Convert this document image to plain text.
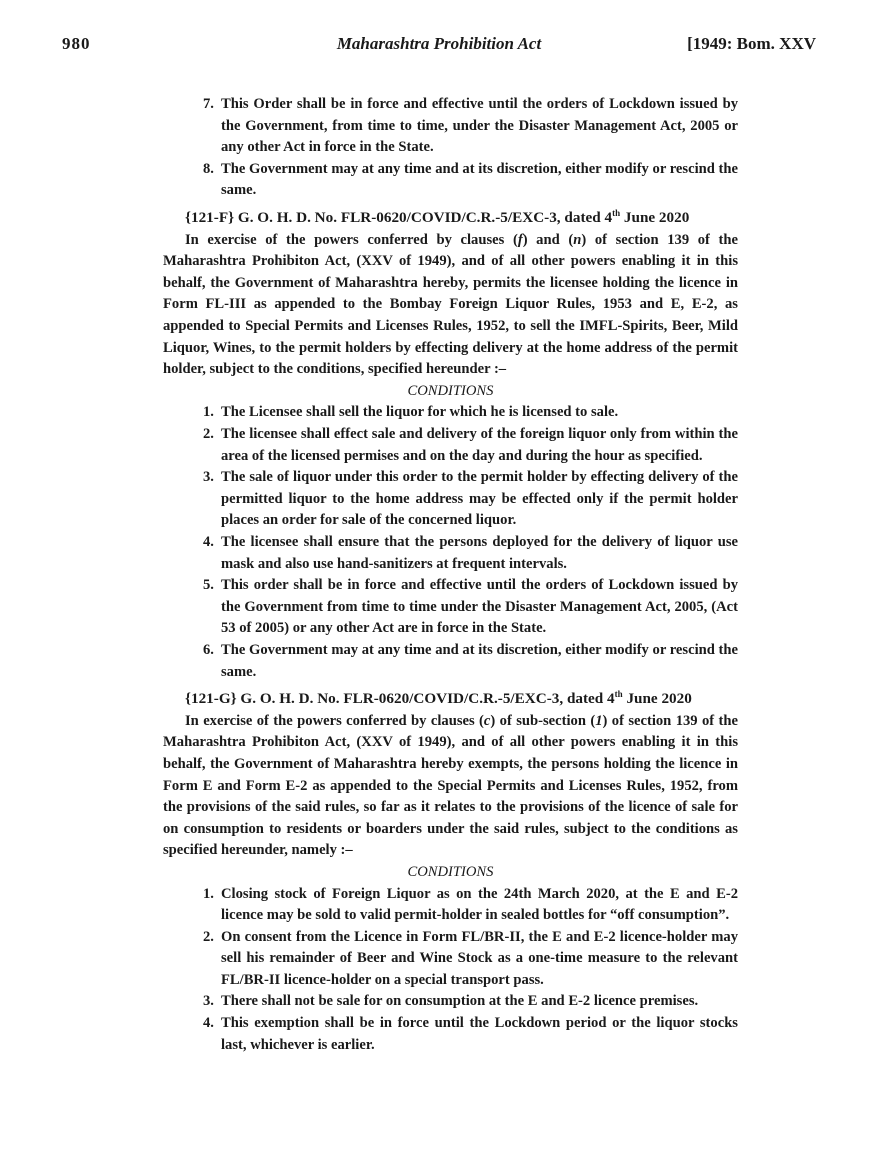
980	Maharashtra Prohibition Act	[1949: Bom. XXV
7. This Order shall be in force and effective until the orders of Lockdown issued by the Government, from time to time, under the Disaster Management Act, 2005 or any other Act in force in the State.
8. The Government may at any time and at its discretion, either modify or rescind the same.
{121-F} G. O. H. D. No. FLR-0620/COVID/C.R.-5/EXC-3, dated 4th June 2020

In exercise of the powers conferred by clauses (f) and (n) of section 139 of the Maharashtra Prohibiton Act, (XXV of 1949), and of all other powers enabling it in this behalf, the Government of Maharashtra hereby, permits the licensee holding the licence in Form FL-III as appended to the Bombay Foreign Liquor Rules, 1953 and E, E-2, as appended to Special Permits and Licenses Rules, 1952, to sell the IMFL-Spirits, Beer, Mild Liquor, Wines, to the permit holders by effecting delivery at the home address of the permit holder, subject to the conditions, specified hereunder :–

CONDITIONS

1. The Licensee shall sell the liquor for which he is licensed to sale.
2. The licensee shall effect sale and delivery of the foreign liquor only from within the area of the licensed permises and on the day and during the hour as specified.
3. The sale of liquor under this order to the permit holder by effecting delivery of the permitted liquor to the home address may be effected only if the permit holder places an order for sale of the concerned liquor.
4. The licensee shall ensure that the persons deployed for the delivery of liquor use mask and also use hand-sanitizers at frequent intervals.
5. This order shall be in force and effective until the orders of Lockdown issued by the Government from time to time under the Disaster Management Act, 2005, (Act 53 of 2005) or any other Act are in force in the State.
6. The Government may at any time and at its discretion, either modify or rescind the same.
{121-G} G. O. H. D. No. FLR-0620/COVID/C.R.-5/EXC-3, dated 4th June 2020

In exercise of the powers conferred by clauses (c) of sub-section (1) of section 139 of the Maharashtra Prohibiton Act, (XXV of 1949), and of all other powers enabling it in this behalf, the Government of Maharashtra hereby exempts, the persons holding the licence in Form E and Form E-2 as appended to the Special Permits and Licenses Rules, 1952, from the provisions of the said rules, so far as it relates to the provisions of the licence of sale for on consumption to residents or boarders under the said rules, subject to the conditions as specified hereunder, namely :–

CONDITIONS

1. Closing stock of Foreign Liquor as on the 24th March 2020, at the E and E-2 licence may be sold to valid permit-holder in sealed bottles for “off consumption”.
2. On consent from the Licence in Form FL/BR-II, the E and E-2 licence-holder may sell his remainder of Beer and Wine Stock as a one-time measure to the relevant FL/BR-II licence-holder on a special transport pass.
3. There shall not be sale for on consumption at the E and E-2 licence premises.
4. This exemption shall be in force until the Lockdown period or the liquor stocks last, whichever is earlier.
